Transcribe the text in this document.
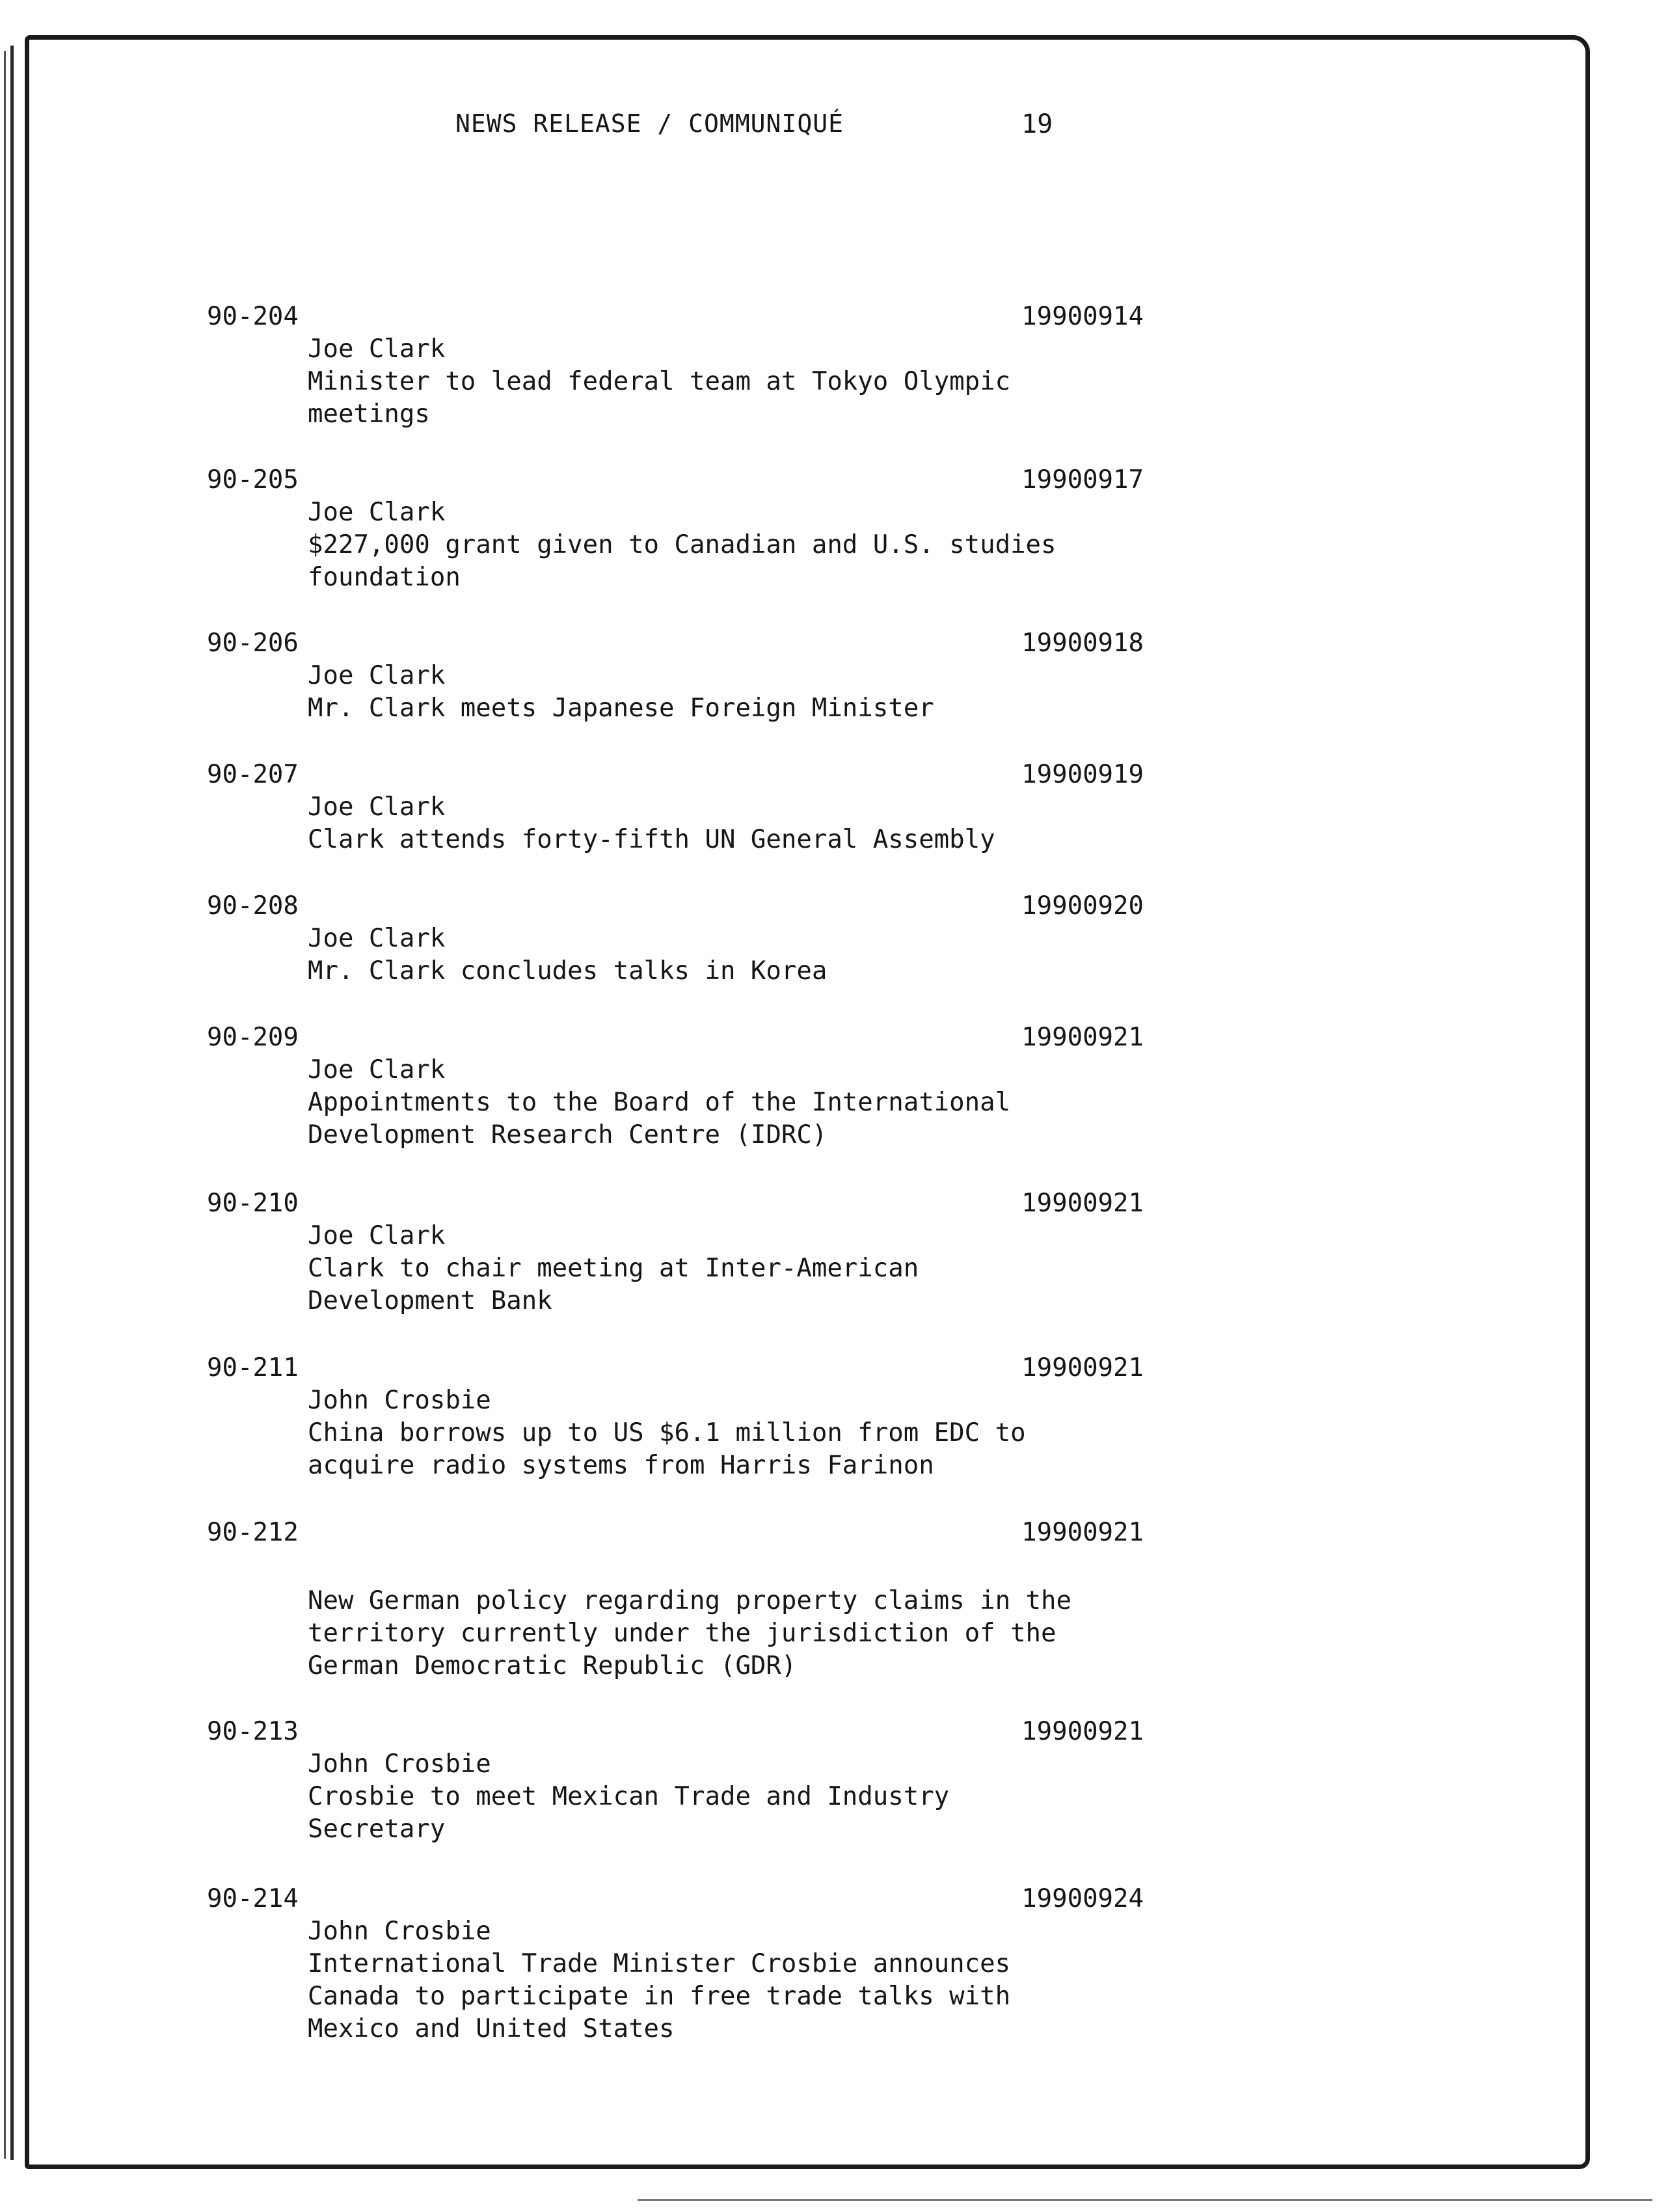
NEWS RELEASE / COMMUNIQUÉ	19
90-204	19900914
Joe Clark
Minister to lead federal team at Tokyo Olympic
meetings
90-205	19900917
Joe Clark
$227,000 grant given to Canadian and U.S. studies
foundation
90-206	19900918
Joe Clark
Mr. Clark meets Japanese Foreign Minister
90-207	19900919
Joe Clark
Clark attends forty-fifth UN General Assembly
90-208	19900920
Joe Clark
Mr. Clark concludes talks in Korea
90-209	19900921
Joe Clark
Appointments to the Board of the International
Development Research Centre (IDRC)
90-210	19900921
Joe Clark
Clark to chair meeting at Inter-American
Development Bank
90-211	19900921
John Crosbie
China borrows up to US $6.1 million from EDC to
acquire radio systems from Harris Farinon
90-212	19900921
New German policy regarding property claims in the
territory currently under the jurisdiction of the
German Democratic Republic (GDR)
90-213	19900921
John Crosbie
Crosbie to meet Mexican Trade and Industry
Secretary
90-214	19900924
John Crosbie
International Trade Minister Crosbie announces
Canada to participate in free trade talks with
Mexico and United States
